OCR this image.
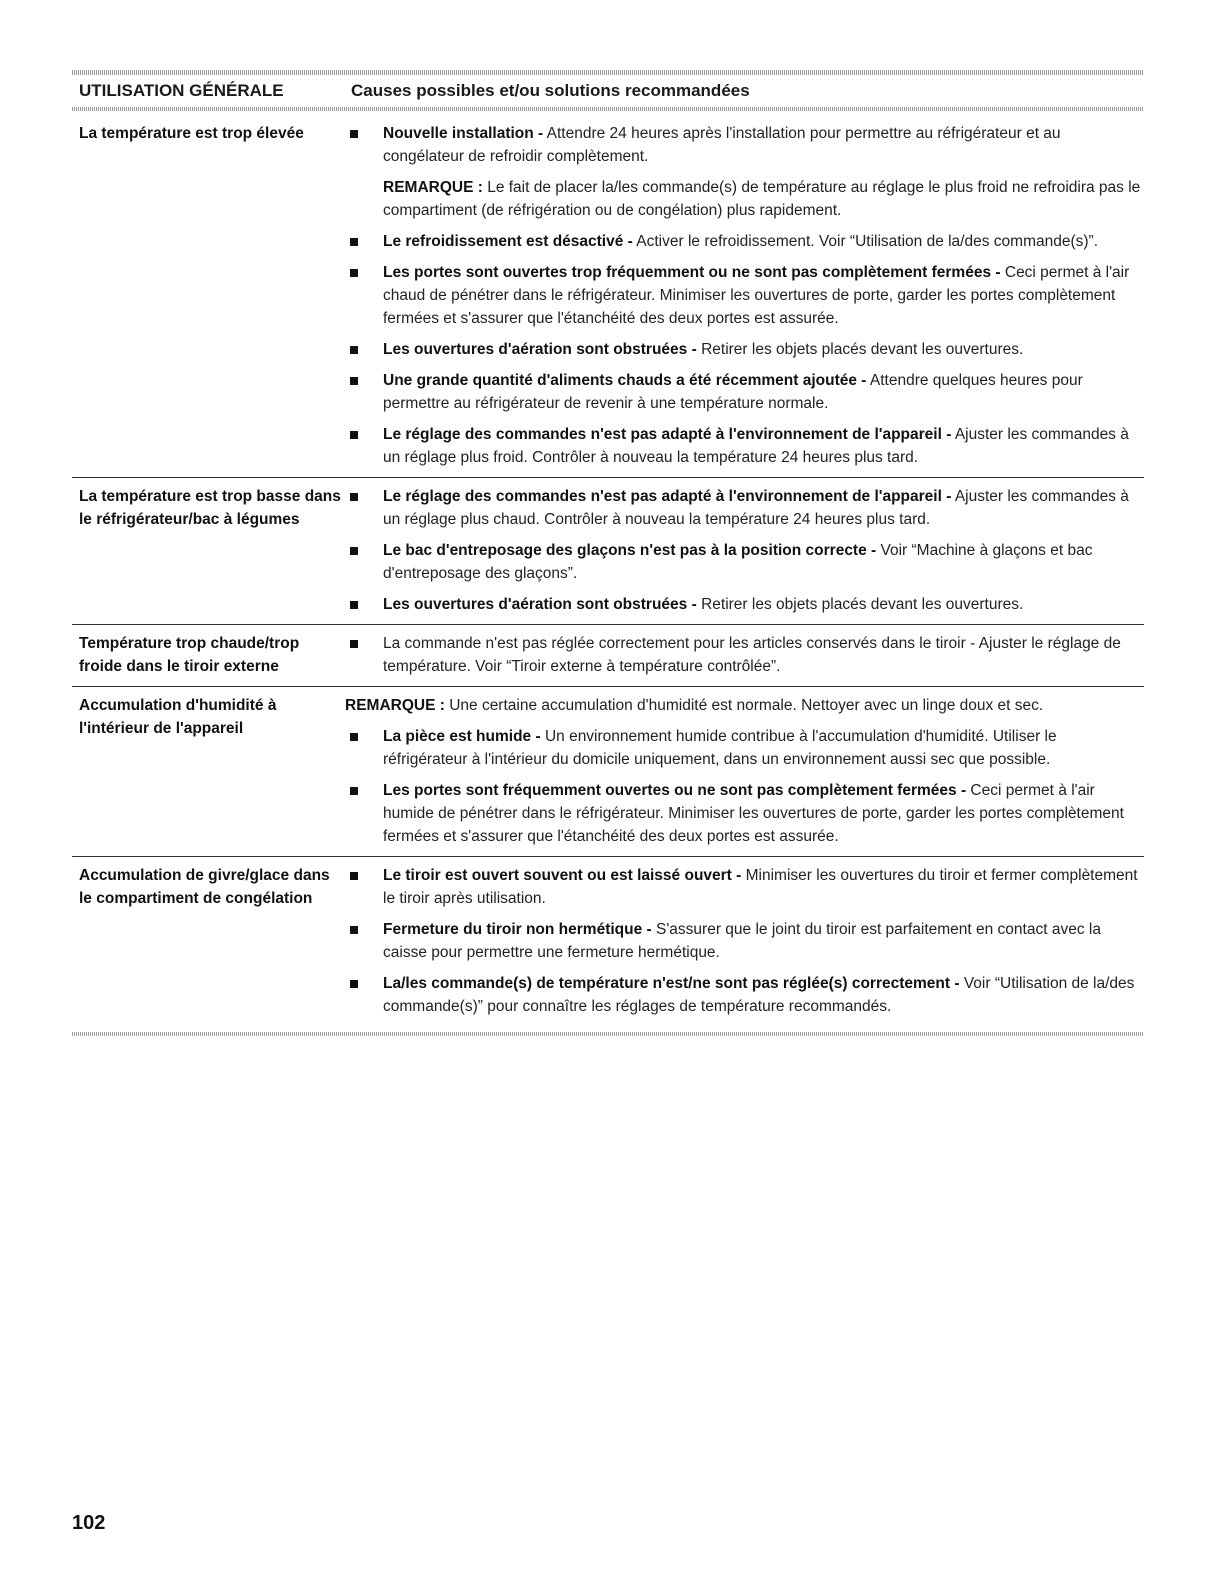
UTILISATION GÉNÉRALE	Causes possibles et/ou solutions recommandées
La température est trop élevée	Nouvelle installation - Attendre 24 heures après l'installation pour permettre au réfrigérateur et au congélateur de refroidir complètement.
REMARQUE : Le fait de placer la/les commande(s) de température au réglage le plus froid ne refroidira pas le compartiment (de réfrigération ou de congélation) plus rapidement.
Le refroidissement est désactivé - Activer le refroidissement. Voir “Utilisation de la/des commande(s)”.
Les portes sont ouvertes trop fréquemment ou ne sont pas complètement fermées - Ceci permet à l'air chaud de pénétrer dans le réfrigérateur. Minimiser les ouvertures de porte, garder les portes complètement fermées et s'assurer que l'étanchéité des deux portes est assurée.
Les ouvertures d'aération sont obstruées - Retirer les objets placés devant les ouvertures.
Une grande quantité d'aliments chauds a été récemment ajoutée - Attendre quelques heures pour permettre au réfrigérateur de revenir à une température normale.
Le réglage des commandes n'est pas adapté à l'environnement de l'appareil - Ajuster les commandes à un réglage plus froid. Contrôler à nouveau la température 24 heures plus tard.
La température est trop basse dans le réfrigérateur/bac à légumes
Le réglage des commandes n'est pas adapté à l'environnement de l'appareil - Ajuster les commandes à un réglage plus chaud. Contrôler à nouveau la température 24 heures plus tard.
Le bac d'entreposage des glaçons n'est pas à la position correcte - Voir “Machine à glaçons et bac d'entreposage des glaçons”.
Les ouvertures d'aération sont obstruées - Retirer les objets placés devant les ouvertures.
Température trop chaude/trop froide dans le tiroir externe
La commande n'est pas réglée correctement pour les articles conservés dans le tiroir - Ajuster le réglage de température. Voir “Tiroir externe à température contrôlée”.
Accumulation d'humidité à l'intérieur de l'appareil
REMARQUE : Une certaine accumulation d'humidité est normale. Nettoyer avec un linge doux et sec.
La pièce est humide - Un environnement humide contribue à l'accumulation d'humidité. Utiliser le réfrigérateur à l'intérieur du domicile uniquement, dans un environnement aussi sec que possible.
Les portes sont fréquemment ouvertes ou ne sont pas complètement fermées - Ceci permet à l'air humide de pénétrer dans le réfrigérateur. Minimiser les ouvertures de porte, garder les portes complètement fermées et s'assurer que l'étanchéité des deux portes est assurée.
Accumulation de givre/glace dans le compartiment de congélation
Le tiroir est ouvert souvent ou est laissé ouvert - Minimiser les ouvertures du tiroir et fermer complètement le tiroir après utilisation.
Fermeture du tiroir non hermétique - S'assurer que le joint du tiroir est parfaitement en contact avec la caisse pour permettre une fermeture hermétique.
La/les commande(s) de température n'est/ne sont pas réglée(s) correctement - Voir “Utilisation de la/des commande(s)” pour connaître les réglages de température recommandés.
102
